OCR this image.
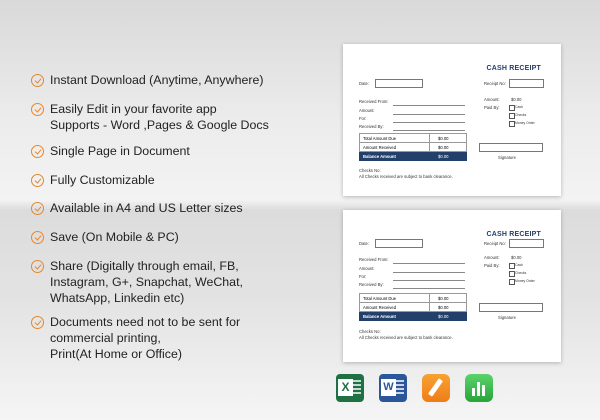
Instant Download (Anytime, Anywhere)
Easily Edit in your favorite app
Supports - Word ,Pages & Google Docs
Single Page in Document
Fully Customizable
Available in A4 and US Letter sizes
Save (On Mobile & PC)
Share (Digitally through email, FB,
Instagram, G+, Snapchat, WeChat,
WhatsApp, Linkedin etc)
Documents need not to be sent for
commercial printing,
Print(At Home or Office)
CASH RECEIPT
Date:	Receipt No:
Received From:
Amount:
For:
Received By:
Amount:	$0.00
Paid By:	Cash
Checks
Money Order
Total Amount Due	$0.00
Amount Received	$0.00
Balance Amount	$0.00	Signature
Checks No:
All Checks received are subject to bank clearance.
CASH RECEIPT
Date:	Receipt No:
Received From:
Amount:
For:
Received By:
Amount:	$0.00
Paid By:	Cash
Checks
Money Order
Total Amount Due	$0.00
Amount Received	$0.00
Balance Amount	$0.00	Signature
Checks No:
All Checks received are subject to bank clearance.
X	W
